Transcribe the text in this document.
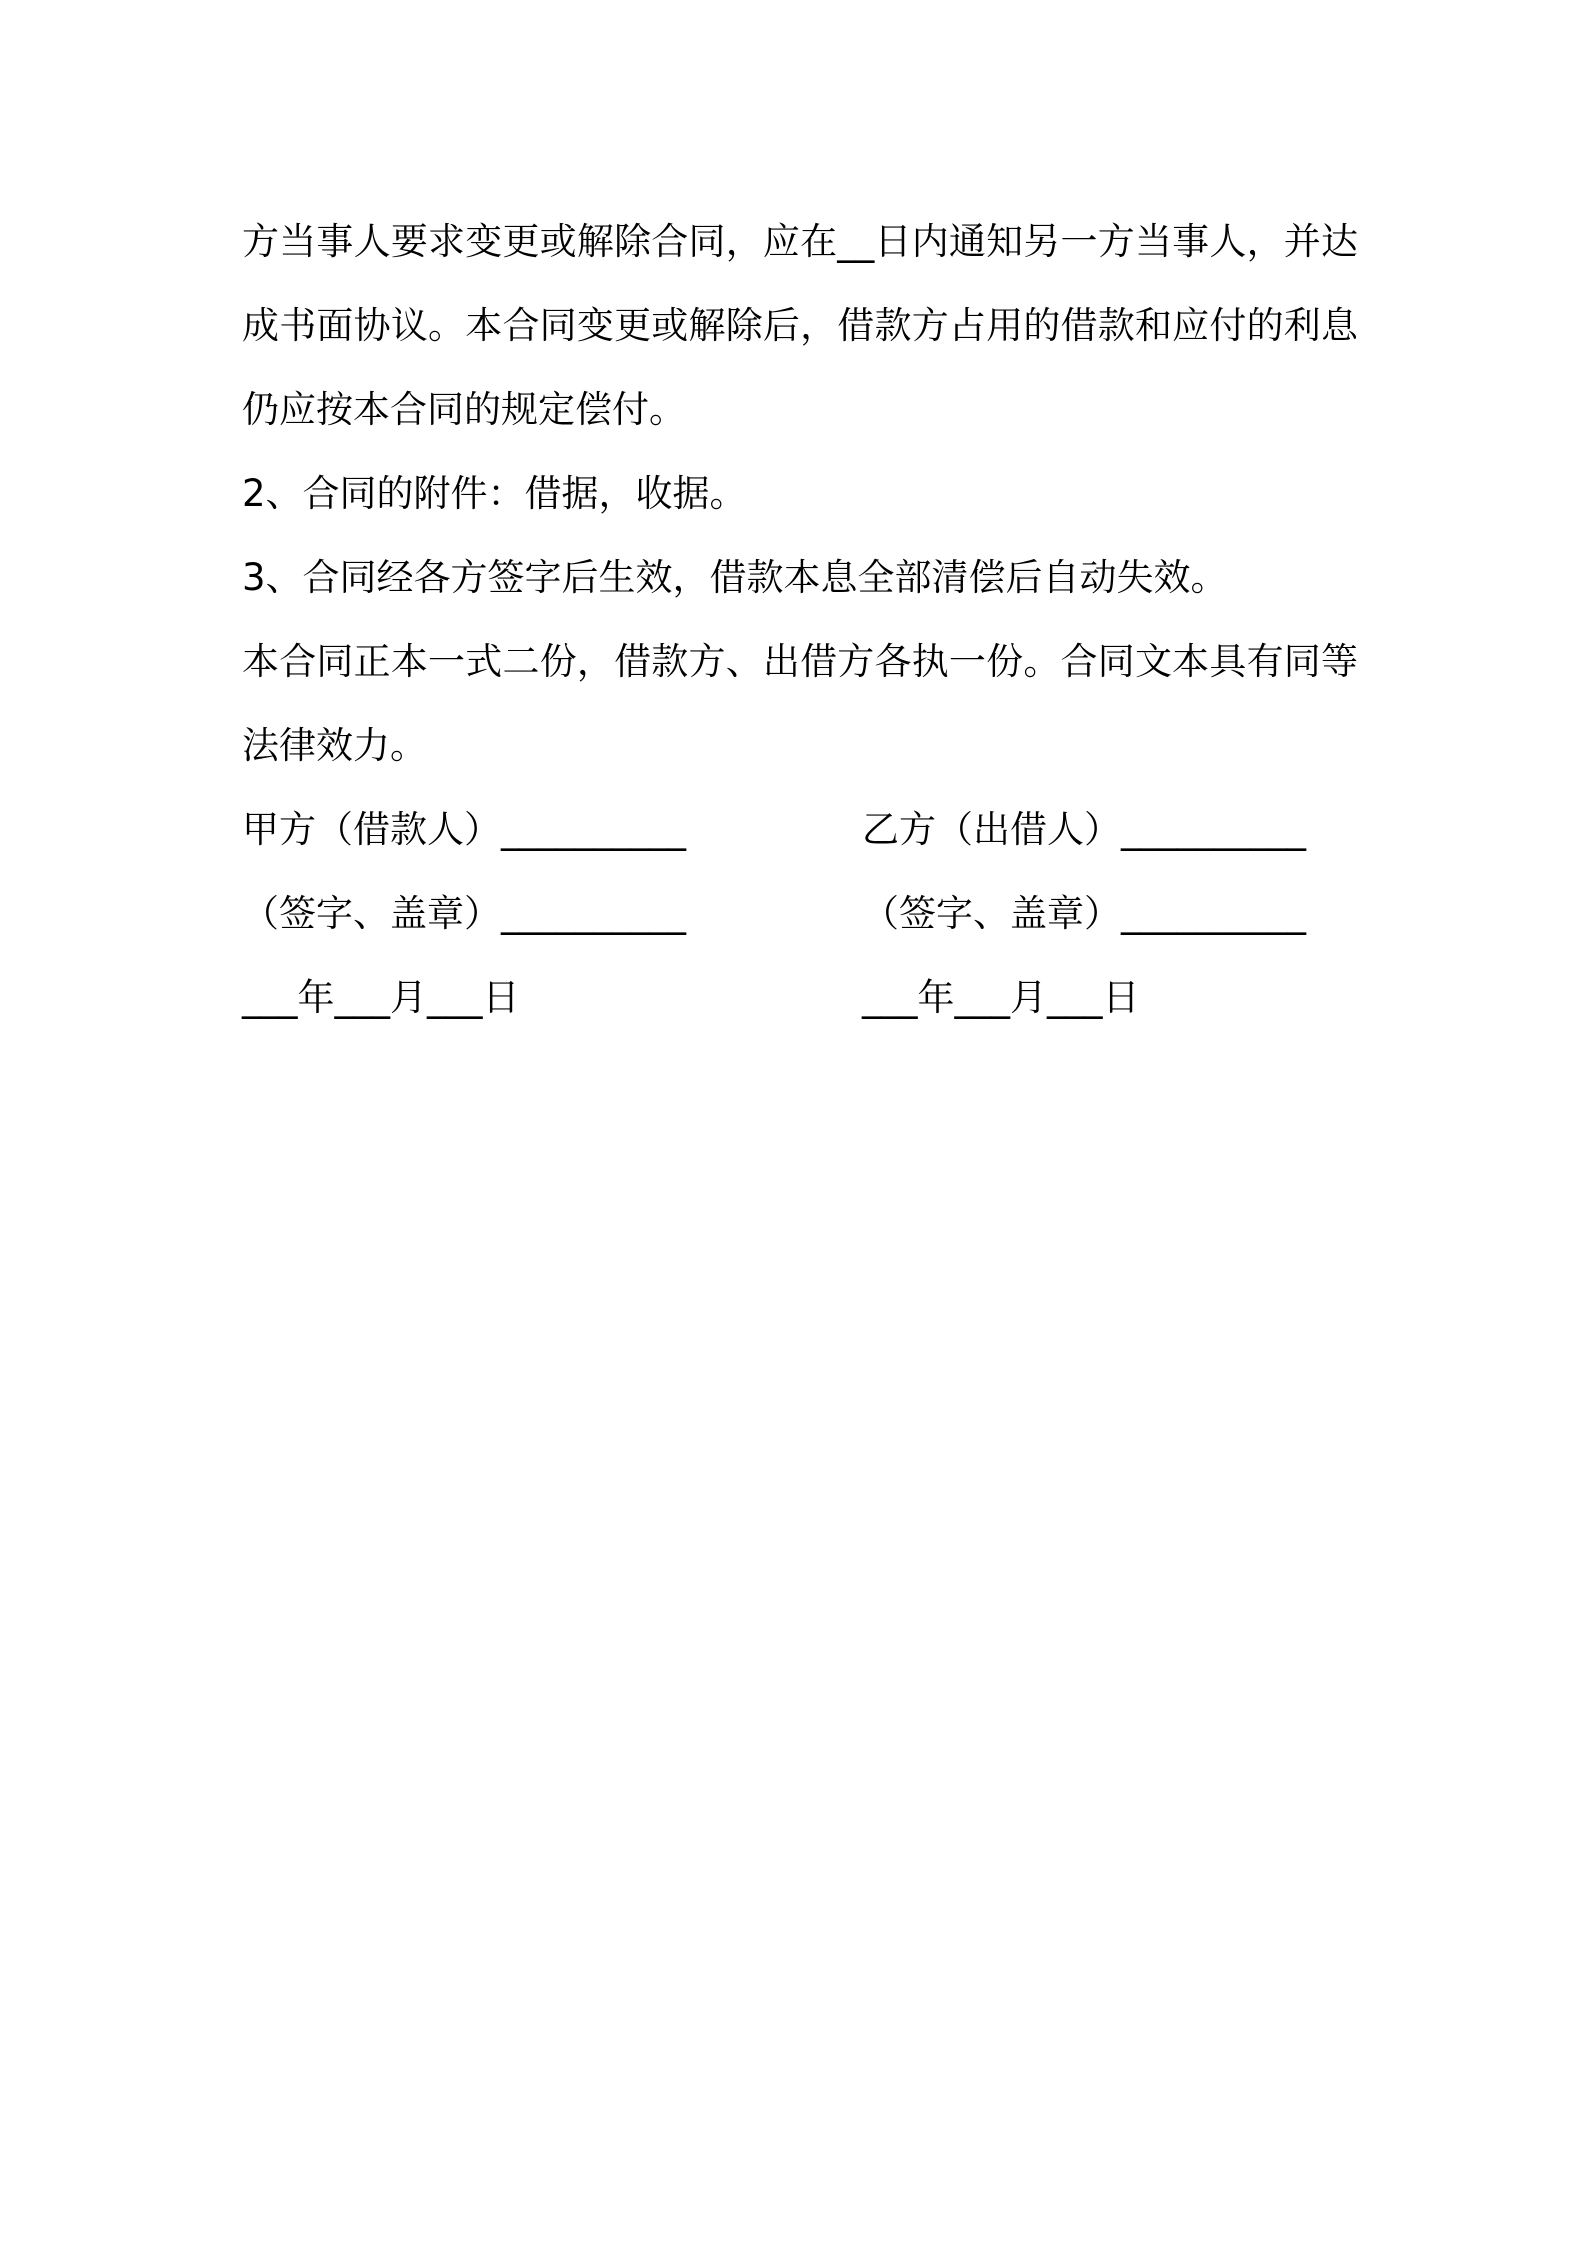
方当事人要求变更或解除合同，应在__日内通知另一方当事人，并达成书面协议。本合同变更或解除后，借款方占用的借款和应付的利息仍应按本合同的规定偿付。

2、合同的附件：借据，收据。

3、合同经各方签字后生效，借款本息全部清偿后自动失效。

本合同正本一式二份，借款方、出借方各执一份。合同文本具有同等法律效力。

甲方（借款人）__________	乙方（出借人）__________
（签字、盖章）__________	（签字、盖章）__________
___年___月___日	___年___月___日
